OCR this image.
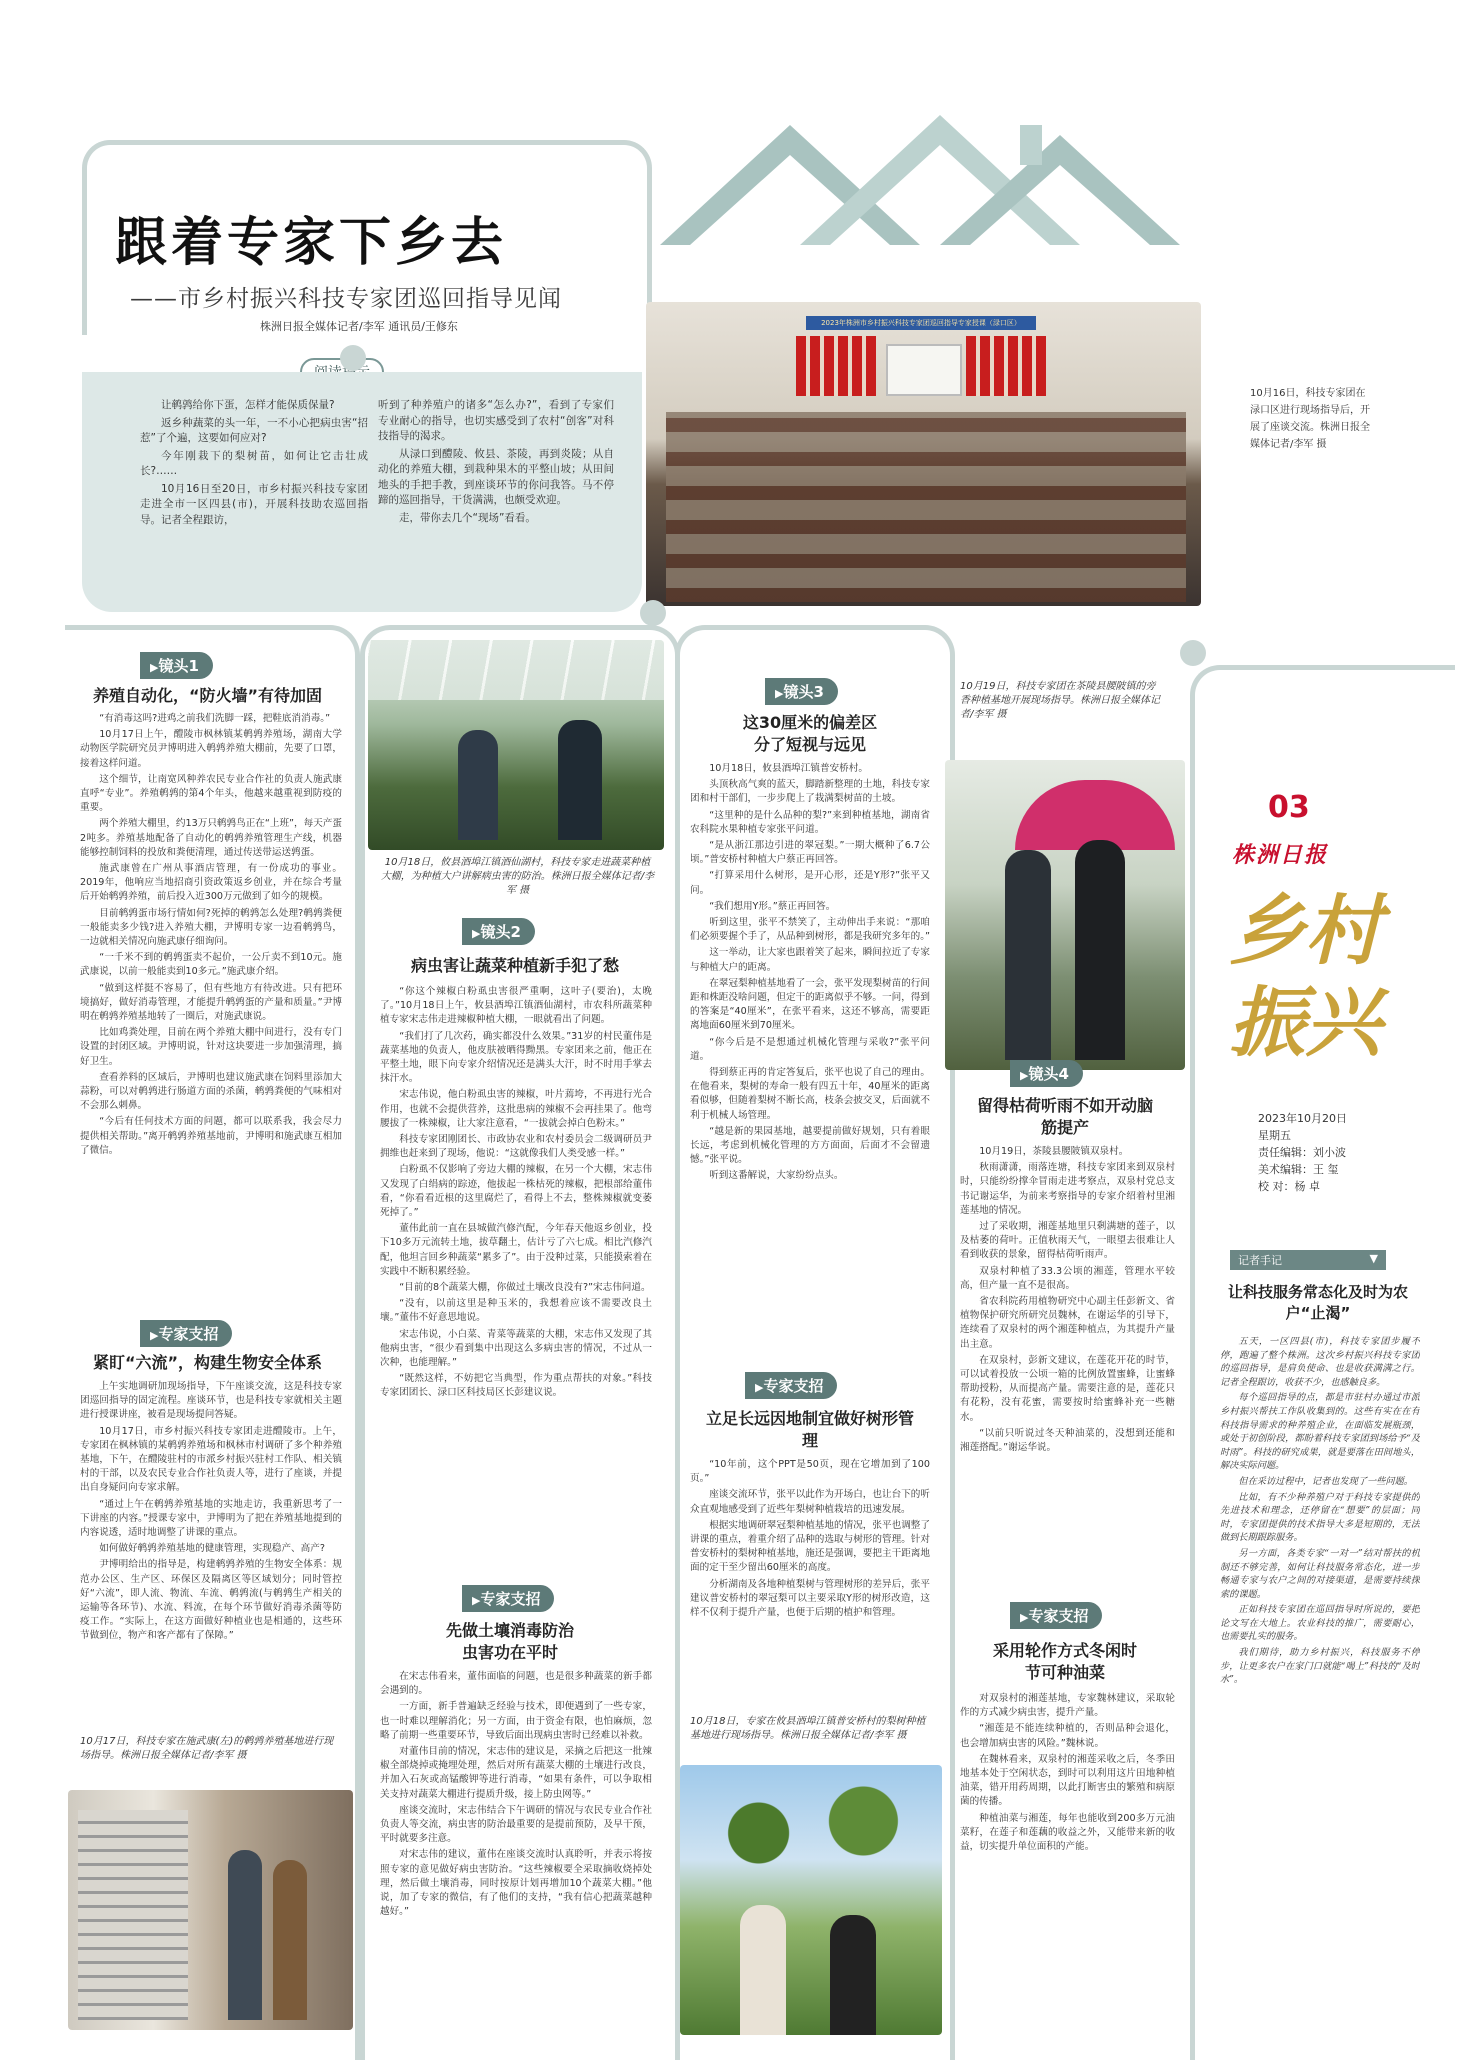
跟着专家下乡去
——市乡村振兴科技专家团巡回指导见闻
株洲日报全媒体记者/李军 通讯员/王修东

让鹌鹑给你下蛋，怎样才能保质保量?

返乡种蔬菜的头一年，一不小心把病虫害“招惹”了个遍，这要如何应对?

今年刚栽下的梨树苗，如何让它击壮成长?……

10月16日至20日，市乡村振兴科技专家团走进全市一区四县(市)，开展科技助农巡回指导。记者全程跟访，

听到了种养殖户的诸多“怎么办?”，看到了专家们专业耐心的指导，也切实感受到了农村“创客”对科技指导的渴求。

从渌口到醴陵、攸县、茶陵，再到炎陵；从自动化的养殖大棚，到栽种果木的平整山坡；从田间地头的手把手教，到座谈环节的你问我答。马不停蹄的巡回指导，干货满满，也颇受欢迎。

走，带你去几个“现场”看看。

2023年株洲市乡村振兴科技专家团巡回指导专家授课（渌口区）
10月16日，科技专家团在渌口区进行现场指导后，开展了座谈交流。株洲日报全媒体记者/李军 摄
▶ 镜头1
养殖自动化，“防火墙”有待加固

“有消毒这吗?进鸡之前我们洗脚一踩，把鞋底消消毒。”

10月17日上午，醴陵市枫林镇某鹌鹑养殖场，湖南大学动物医学院研究员尹博明进入鹌鹑养殖大棚前，先要了口罩，接着这样问道。

这个细节，让南宽风种养农民专业合作社的负责人施武康直呼“专业”。养殖鹌鹑的第4个年头，他越来越重视到防疫的重要。

两个养殖大棚里，约13万只鹌鹑鸟正在“上班”，每天产蛋2吨多。养殖基地配备了自动化的鹌鹑养殖管理生产线，机器能够控制饲料的投放和粪便清理，通过传送带运送鹑蛋。

施武康曾在广州从事酒店管理，有一份成功的事业。2019年，他响应当地招商引资政策返乡创业，并在综合考量后开始鹌鹑养殖，前后投入近300万元做到了如今的规模。

目前鹌鹑蛋市场行情如何?死掉的鹌鹑怎么处理?鹌鹑粪便一般能卖多少钱?进入养殖大棚，尹博明专家一边看鹌鹑鸟，一边就相关情况向施武康仔细询问。

“一千米不到的鹌鹑蛋卖不起价，一公斤卖不到10元。施武康说，以前一般能卖到10多元。”施武康介绍。

“做到这样挺不容易了，但有些地方有待改进。只有把环境搞好，做好消毒管理，才能提升鹌鹑蛋的产量和质量。”尹博明在鹌鹑养殖基地转了一圈后，对施武康说。

比如鸡粪处理，目前在两个养殖大棚中间进行，没有专门设置的封闭区域。尹博明说，针对这块要进一步加强清理，搞好卫生。

查看养料的区域后，尹博明也建议施武康在饲料里添加大蒜粉，可以对鹌鹑进行肠道方面的杀菌，鹌鹑粪便的气味相对不会那么刺鼻。

“今后有任何技术方面的问题，都可以联系我，我会尽力提供相关帮助。”离开鹌鹑养殖基地前，尹博明和施武康互相加了微信。

▶ 专家支招
紧盯“六流”，构建生物安全体系

上午实地调研加现场指导，下午座谈交流，这是科技专家团巡回指导的固定流程。座谈环节，也是科技专家就相关主题进行授课讲座，被看是现场提问答疑。

10月17日，市乡村振兴科技专家团走进醴陵市。上午，专家团在枫林镇的某鹌鹑养殖场和枫林市村调研了多个种养殖基地，下午，在醴陵驻村的市派乡村振兴驻村工作队、相关镇村的干部，以及农民专业合作社负责人等，进行了座谈，并提出自身疑问向专家求解。

“通过上午在鹌鹑养殖基地的实地走访，我重新思考了一下讲座的内容。”授课专家中，尹博明为了把在养殖基地提到的内容说透，适时地调整了讲课的重点。

如何做好鹌鹑养殖基地的健康管理，实现稳产、高产?

尹博明给出的指导是，构建鹌鹑养殖的生物安全体系：规范办公区、生产区、环保区及隔离区等区域划分；同时管控好“六流”，即人流、物流、车流、鹌鹑流(与鹌鹑生产相关的运输等各环节)、水流、料流，在每个环节做好消毒杀菌等防疫工作。“实际上，在这方面做好种植业也是相通的，这些环节做到位，物产和客产都有了保障。”

10月17日，科技专家在施武康(左)的鹌鹑养殖基地进行现场指导。株洲日报全媒体记者/李军 摄
10月18日，攸县酒埠江镇酒仙湖村，科技专家走进蔬菜种植大棚，为种植大户讲解病虫害的防治。株洲日报全媒体记者/李军 摄
▶ 镜头2
病虫害让蔬菜种植新手犯了愁

“你这个辣椒白粉虱虫害很严重啊，这叶子(要治)，太晚了。”10月18日上午，攸县酒埠江镇酒仙湖村，市农科所蔬菜种植专家宋志伟走进辣椒种植大棚，一眼就看出了问题。

“我们打了几次药，确实都没什么效果。”31岁的村民董伟是蔬菜基地的负责人，他皮肤被晒得黝黑。专家团来之前，他正在平整土地，眼下向专家介绍情况还是满头大汗，时不时用手掌去抹汗水。

宋志伟说，他白粉虱虫害的辣椒，叶片蔫垮，不再进行光合作用，也就不会提供营养，这批患病的辣椒不会再挂果了。他弯腰拔了一株辣椒，让大家注意看，“一拔就会掉白色粉末。”

科技专家团刚团长、市政协农业和农村委员会二级调研员尹拥维也赶来到了现场，他说：“这就像我们人类受感一样。”

白粉虱不仅影响了旁边大棚的辣椒，在另一个大棚，宋志伟又发现了白绢病的踪迹，他拔起一株枯死的辣椒，把根部给董伟看，“你看看近根的这里腐烂了，看得上不去，整株辣椒就变萎死掉了。”

董伟此前一直在县城做汽修汽配，今年春天他返乡创业，投下10多万元流转土地，拔草翻土，估计亏了六七成。相比汽修汽配，他坦言回乡种蔬菜“累多了”。由于没种过菜，只能摸索着在实践中不断积累经验。

“目前的8个蔬菜大棚，你做过土壤改良没有?”宋志伟问道。

“没有，以前这里是种玉米的，我想着应该不需要改良土壤。”董伟不好意思地说。

宋志伟说，小白菜、青菜等蔬菜的大棚，宋志伟又发现了其他病虫害，“很少看到集中出现这么多病虫害的情况，不过从一次种，也能理解。”

“既然这样，不妨把它当典型，作为重点帮扶的对象。”科技专家团团长、渌口区科技局区长彭建议说。

▶ 专家支招
先做土壤消毒防治虫害功在平时

在宋志伟看来，董伟面临的问题，也是很多种蔬菜的新手都会遇到的。

一方面，新手普遍缺乏经验与技术，即便遇到了一些专家，也一时难以理解消化；另一方面，由于资金有限，也怕麻烦，忽略了前期一些重要环节，导致后面出现病虫害时已经难以补救。

对董伟目前的情况，宋志伟的建议是，采摘之后把这一批辣椒全部烧掉或掩埋处理，然后对所有蔬菜大棚的土壤进行改良，并加入石灰或高锰酸钾等进行消毒，“如果有条件，可以争取相关支持对蔬菜大棚进行提质升级，接上防虫网等。”

座谈交流时，宋志伟结合下午调研的情况与农民专业合作社负责人等交流，病虫害的防治最重要的是提前预防，及早干预，平时就要多注意。

对宋志伟的建议，董伟在座谈交流时认真聆听，并表示将按照专家的意见做好病虫害防治。“这些辣椒要全采取摘收烧掉处理，然后做土壤消毒，同时按原计划再增加10个蔬菜大棚。”他说，加了专家的微信，有了他们的支持，“我有信心把蔬菜越种越好。”

▶ 镜头3
这30厘米的偏差区分了短视与远见

10月18日，攸县酒埠江镇普安桥村。

头顶秋高气爽的蓝天，脚踏新整理的土地，科技专家团和村干部们，一步步爬上了栽满梨树苗的土坡。

“这里种的是什么品种的梨?”来到种植基地，湖南省农科院水果种植专家张平问道。

“是从浙江那边引进的翠冠梨。”一期大概种了6.7公顷。”普安桥村种植大户蔡正再回答。

“打算采用什么树形，是开心形，还是Y形?”张平又问。

“我们想用Y形。”蔡正再回答。

听到这里，张平不禁笑了，主动伸出手来说：“那咱们必须要握个手了，从品种到树形，都是我研究多年的。”

这一举动，让大家也跟着笑了起来，瞬间拉近了专家与种植大户的距离。

在翠冠梨种植基地看了一会，张平发现梨树苗的行间距和株距没啥问题，但定干的距离似乎不够。一问，得到的答案是“40厘米”，在张平看来，这还不够高，需要距离地面60厘米到70厘米。

“你今后是不是想通过机械化管理与采收?”张平问道。

得到蔡正再的肯定答复后，张平也说了自己的理由。在他看来，梨树的寿命一般有四五十年，40厘米的距离看似够，但随着梨树不断长高，枝条会披交叉，后面就不利于机械人场管理。

“越是新的果园基地，越要提前做好规划，只有着眼长远，考虑到机械化管理的方方面面，后面才不会留遗憾。”张平说。

听到这番解说，大家纷纷点头。

▶ 专家支招
立足长远因地制宜做好树形管理

“10年前，这个PPT是50页，现在它增加到了100页。”

座谈交流环节，张平以此作为开场白，也让台下的听众直观地感受到了近些年梨树种植栽培的迅速发展。

根据实地调研翠冠梨种植基地的情况，张平也调整了讲课的重点，着重介绍了品种的选取与树形的管理。针对普安桥村的梨树种植基地，施还是强调，要把主干距离地面的定干至少留出60厘米的高度。

分析湖南及各地种植梨树与管理树形的差异后，张平建议普安桥村的翠冠梨可以主要采取Y形的树形改造，这样不仅利于提升产量，也便于后期的植护和管理。

10月18日，专家在攸县酒埠江镇普安桥村的梨树种植基地进行现场指导。株洲日报全媒体记者/李军 摄
10月19日，科技专家团在茶陵县腰陂镇的旁香种植基地开展现场指导。株洲日报全媒体记者/李军 摄
▶ 镜头4
留得枯荷听雨不如开动脑筋提产

10月19日，茶陵县腰陂镇双泉村。

秋雨潇潇，雨落连塘，科技专家团来到双泉村时，只能纷纷撑伞冒雨走进考察点，双泉村党总支书记谢运华，为前来考察指导的专家介绍着村里湘莲基地的情况。

过了采收期，湘莲基地里只剩满塘的莲子，以及枯萎的荷叶。正值秋雨天气，一眼望去很难让人看到收获的景象，留得枯荷听雨声。

双泉村种植了33.3公顷的湘莲，管理水平较高，但产量一直不是很高。

省农科院药用植物研究中心副主任彭新文、省植物保护研究所研究员魏林，在谢运华的引导下，连续看了双泉村的两个湘莲种植点，为其提升产量出主意。

在双泉村，彭新文建议，在莲花开花的时节，可以试着投放一公顷一箱的比例放置蜜蜂，让蜜蜂帮助授粉，从而提高产量。需要注意的是，莲花只有花粉，没有花蜜，需要按时给蜜蜂补充一些糖水。

“以前只听说过冬天种油菜的，没想到还能和湘莲搭配。”谢运华说。

▶ 专家支招
采用轮作方式冬闲时节可种油菜

对双泉村的湘莲基地，专家魏林建议，采取轮作的方式减少病虫害，提升产量。

“湘莲是不能连续种植的，否则品种会退化，也会增加病虫害的风险。”魏林说。

在魏林看来，双泉村的湘莲采收之后，冬季田地基本处于空闲状态，到时可以利用这片田地种植油菜，错开用药周期，以此打断害虫的繁殖和病原菌的传播。

种植油菜与湘莲，每年也能收到200多万元油菜籽，在莲子和莲藕的收益之外，又能带来新的收益，切实提升单位面积的产能。

03
株洲日报
乡村振兴
2023年10月20日
星期五
责任编辑：刘小波
美术编辑：王 玺
校 对：杨 卓
记者手记	▼
让科技服务常态化及时为农户“止渴”

五天，一区四县(市)，科技专家团步履不停，跑遍了整个株洲。这次乡村振兴科技专家团的巡回指导，是肩负使命、也是收获满满之行。记者全程跟访，收获不少，也感触良多。

每个巡回指导的点，都是市驻村办通过市派乡村振兴帮扶工作队收集到的。这些有实在在有科技指导需求的种养殖企业，在面临发展瓶颈，或处于初创阶段，都盼着科技专家团到场给予“及时雨”。科技的研究成果，就是要落在田间地头，解决实际问题。

但在采访过程中，记者也发现了一些问题。

比如，有不少种养殖户对于科技专家提供的先进技术和理念，还停留在“想要”的层面；同时，专家团提供的技术指导大多是短期的，无法做到长期跟踪服务。

另一方面，各类专家“一对一”结对帮扶的机制还不够完善，如何让科技服务常态化，进一步畅通专家与农户之间的对接渠道，是需要持续探索的课题。

正如科技专家团在巡回指导时所说的，要把论文写在大地上。农业科技的推广，需要耐心，也需要扎实的服务。

我们期待，助力乡村振兴，科技服务不停步，让更多农户在家门口就能“喝上”科技的“及时水”。
